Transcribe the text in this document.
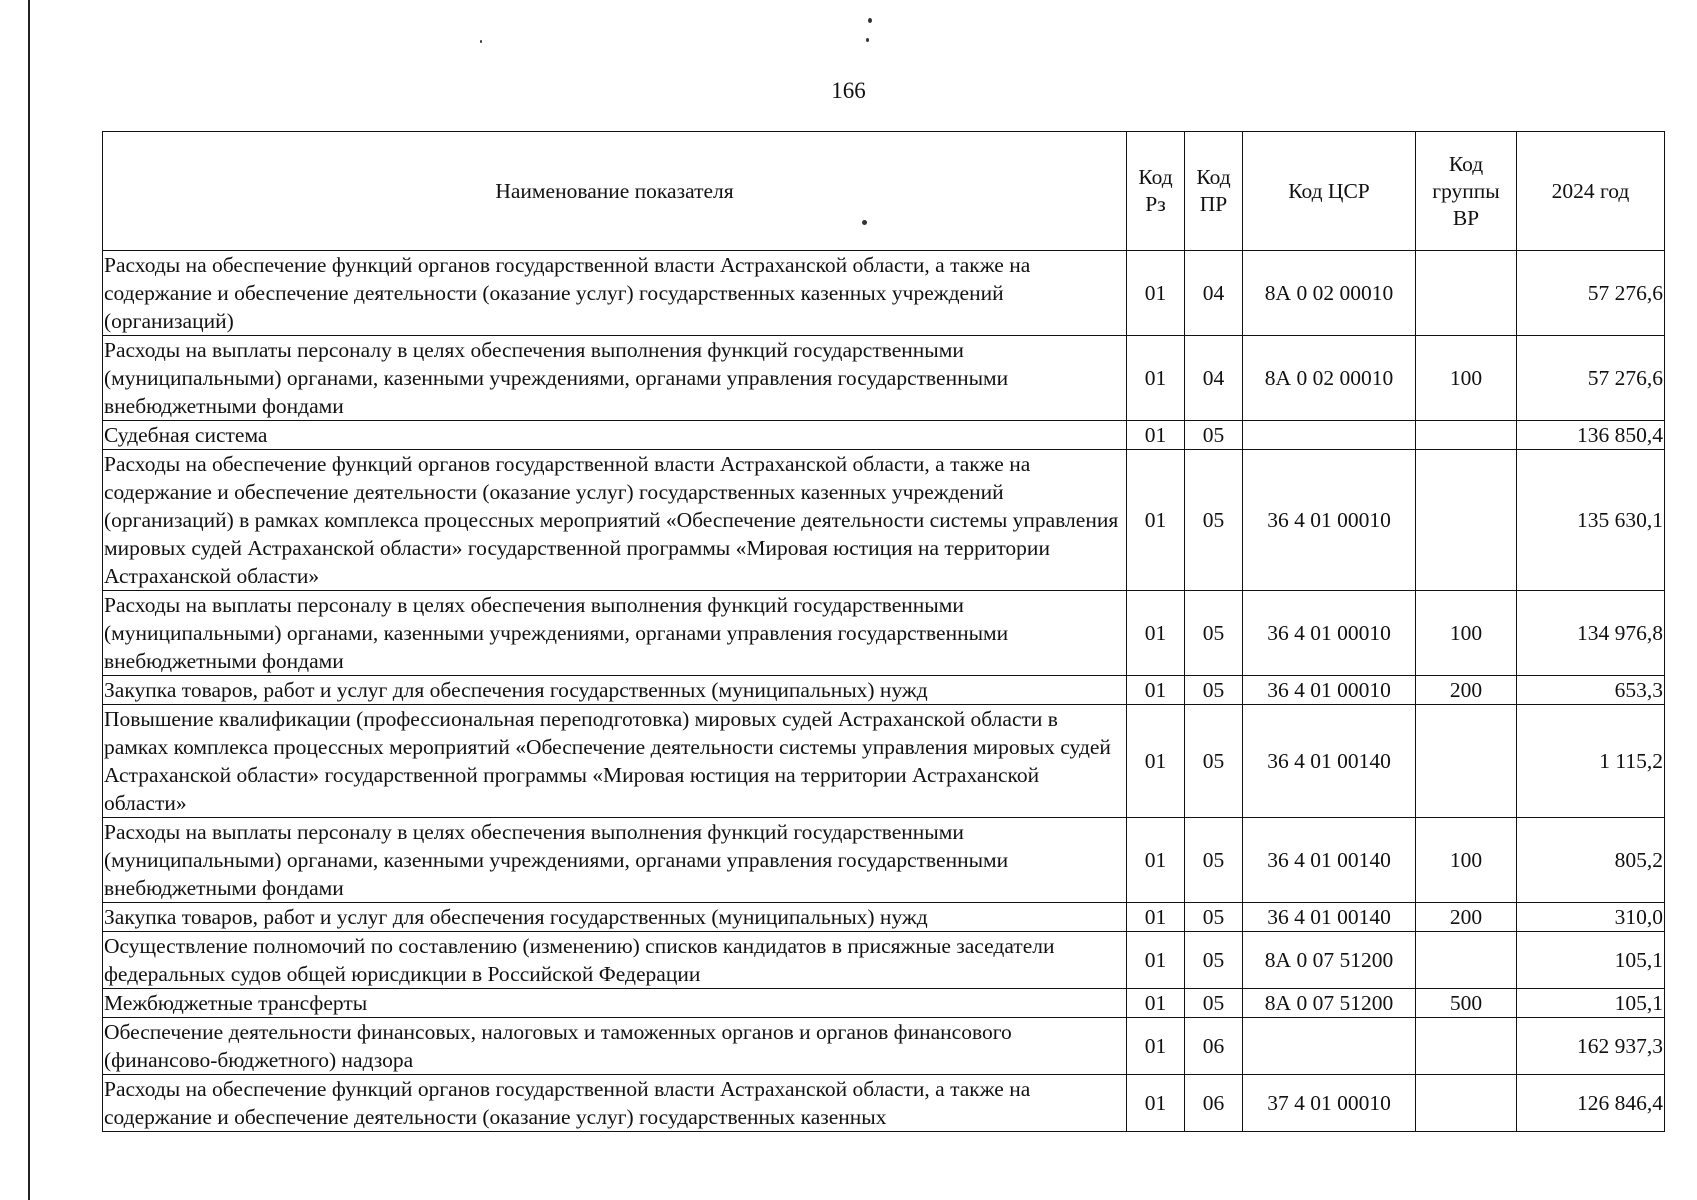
166
Наименование показателя	Код Рз	Код ПР	Код ЦСР	Код группы ВР	2024 год
Расходы на обеспечение функций органов государственной власти Астраханской области, а также на содержание и обеспечение деятельности (оказание услуг) государственных казенных учреждений (организаций)	01	04	8А 0 02 00010		57 276,6
Расходы на выплаты персоналу в целях обеспечения выполнения функций государственными (муниципальными) органами, казенными учреждениями, органами управления государственными внебюджетными фондами	01	04	8А 0 02 00010	100	57 276,6
Судебная система	01	05			136 850,4
Расходы на обеспечение функций органов государственной власти Астраханской области, а также на содержание и обеспечение деятельности (оказание услуг) государственных казенных учреждений (организаций) в рамках комплекса процессных мероприятий «Обеспечение деятельности системы управления мировых судей Астраханской области» государственной программы «Мировая юстиция на территории Астраханской области»	01	05	36 4 01 00010		135 630,1
Расходы на выплаты персоналу в целях обеспечения выполнения функций государственными (муниципальными) органами, казенными учреждениями, органами управления государственными внебюджетными фондами	01	05	36 4 01 00010	100	134 976,8
Закупка товаров, работ и услуг для обеспечения государственных (муниципальных) нужд	01	05	36 4 01 00010	200	653,3
Повышение квалификации (профессиональная переподготовка) мировых судей Астраханской области в рамках комплекса процессных мероприятий «Обеспечение деятельности системы управления мировых судей Астраханской области» государственной программы «Мировая юстиция на территории Астраханской области»	01	05	36 4 01 00140		1 115,2
Расходы на выплаты персоналу в целях обеспечения выполнения функций государственными (муниципальными) органами, казенными учреждениями, органами управления государственными внебюджетными фондами	01	05	36 4 01 00140	100	805,2
Закупка товаров, работ и услуг для обеспечения государственных (муниципальных) нужд	01	05	36 4 01 00140	200	310,0
Осуществление полномочий по составлению (изменению) списков кандидатов в присяжные заседатели федеральных судов общей юрисдикции в Российской Федерации	01	05	8А 0 07 51200		105,1
Межбюджетные трансферты	01	05	8А 0 07 51200	500	105,1
Обеспечение деятельности финансовых, налоговых и таможенных органов и органов финансового (финансово-бюджетного) надзора	01	06			162 937,3
Расходы на обеспечение функций органов государственной власти Астраханской области, а также на содержание и обеспечение деятельности (оказание услуг) государственных казенных	01	06	37 4 01 00010		126 846,4
